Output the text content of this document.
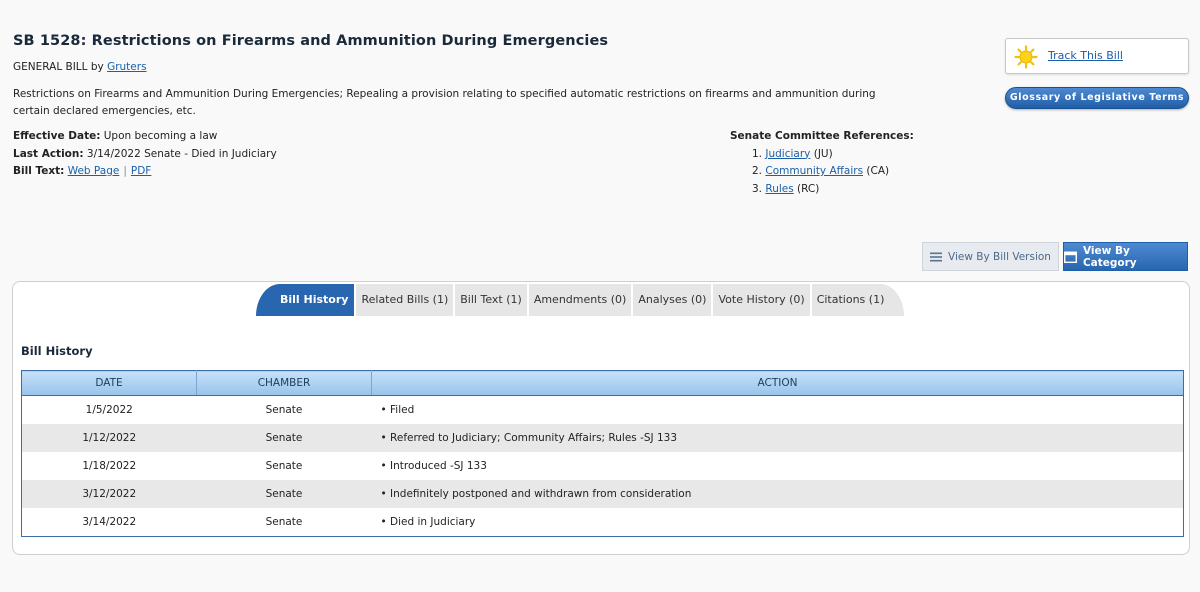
SB 1528: Restrictions on Firearms and Ammunition During Emergencies
GENERAL BILL by Gruters
Restrictions on Firearms and Ammunition During Emergencies; Repealing a provision relating to specified automatic restrictions on firearms and ammunition during certain declared emergencies, etc.
Effective Date: Upon becoming a law
Last Action: 3/14/2022 Senate - Died in Judiciary
Bill Text: Web Page | PDF
Senate Committee References:
1. Judiciary (JU)
2. Community Affairs (CA)
3. Rules (RC)
Track This Bill
Glossary of Legislative Terms
View By Bill Version	View By Category
Bill History	Related Bills (1)	Bill Text (1)	Amendments (0)	Analyses (0)	Vote History (0)	Citations (1)
Bill History
DATE	CHAMBER	ACTION
1/5/2022	Senate	• Filed
1/12/2022	Senate	• Referred to Judiciary; Community Affairs; Rules -SJ 133
1/18/2022	Senate	• Introduced -SJ 133
3/12/2022	Senate	• Indefinitely postponed and withdrawn from consideration
3/14/2022	Senate	• Died in Judiciary
